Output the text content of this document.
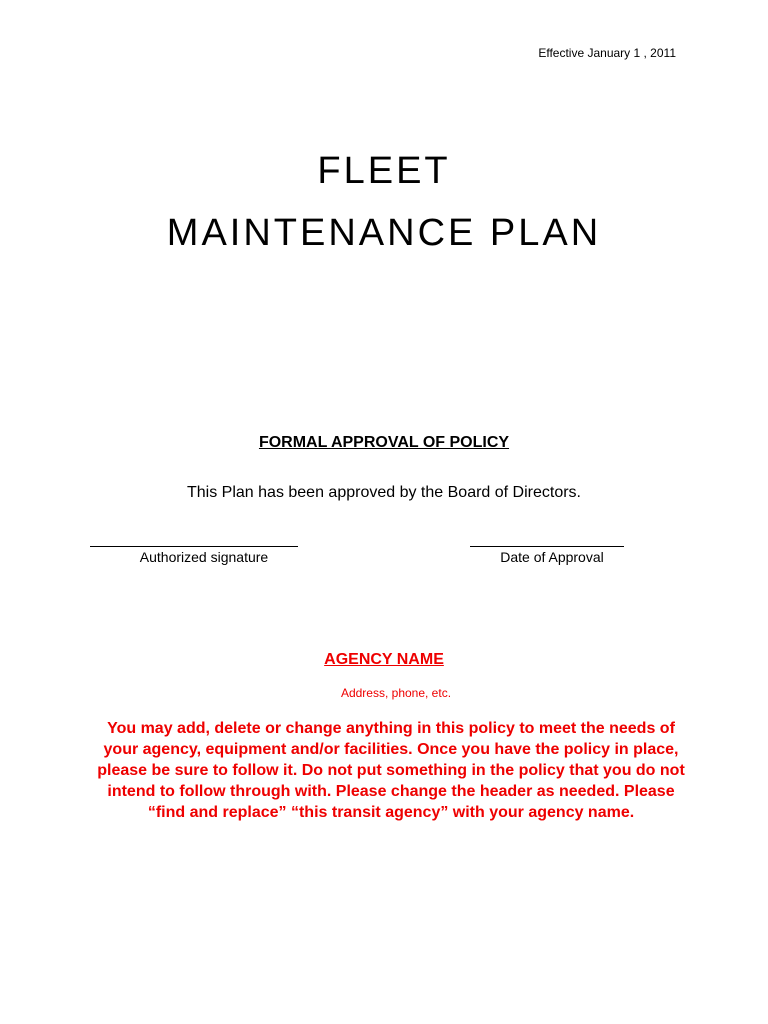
Effective January 1 , 2011
FLEET
MAINTENANCE PLAN
FORMAL APPROVAL OF POLICY
This Plan has been approved by the Board of Directors.
Authorized signature	Date of Approval
AGENCY NAME
Address, phone, etc.
You may add, delete or change anything in this policy to meet the needs of your agency, equipment and/or facilities. Once you have the policy in place, please be sure to follow it. Do not put something in the policy that you do not intend to follow through with. Please change the header as needed. Please “find and replace” “this transit agency” with your agency name.
